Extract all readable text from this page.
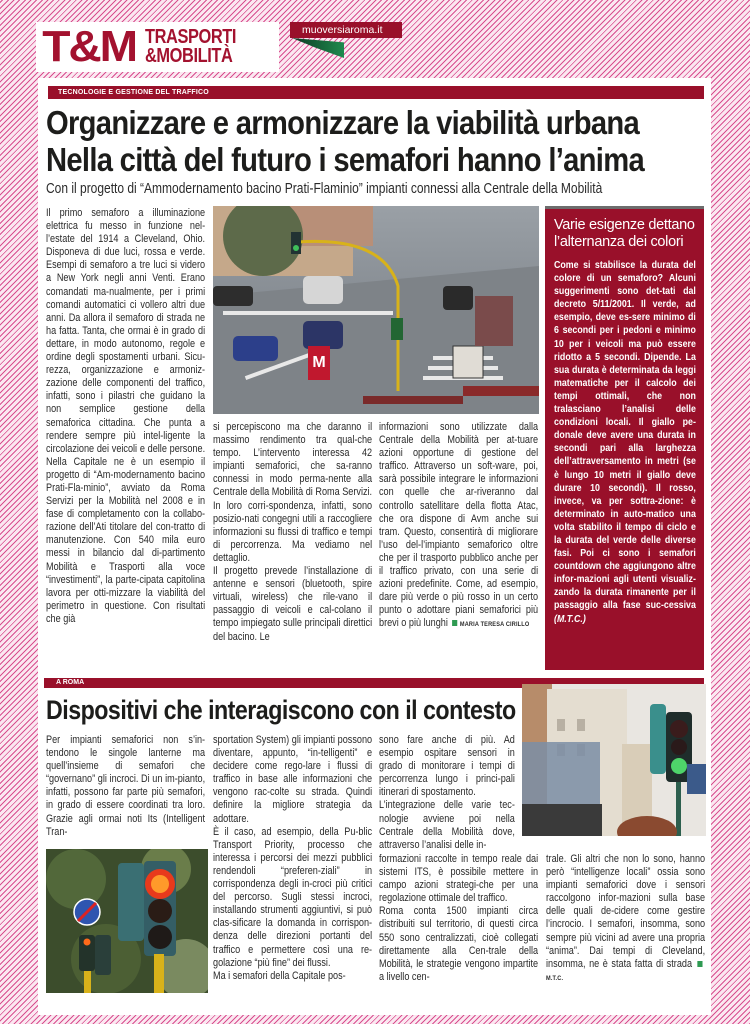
T&M TRASPORTI
&MOBILITÀ
muoversiaroma.it
TECNOLOGIE E GESTIONE DEL TRAFFICO
Organizzare e armonizzare la viabilità urbana
Nella città del futuro i semafori hanno l’anima
Con il progetto di “Ammodernamento bacino Prati-Flaminio” impianti connessi alla Centrale della Mobilità

Il primo semaforo a illuminazione elettrica fu messo in funzione nel-l’estate del 1914 a Cleveland, Ohio. Disponeva di due luci, rossa e verde. Esempi di semaforo a tre luci si videro a New York negli anni Venti. Erano comandati ma-nualmente, per i primi comandi automatici ci vollero altri due anni. Da allora il semaforo di strada ne ha fatta. Tanta, che ormai è in grado di dettare, in modo autonomo, regole e ordine degli spostamenti urbani. Sicu-rezza, organizzazione e armoniz-zazione delle componenti del traffico, infatti, sono i pilastri che guidano la non semplice gestione della semaforica cittadina. Che punta a rendere sempre più intel-ligente la circolazione dei veicoli e delle persone. Nella Capitale ne è un esempio il progetto di “Am-modernamento bacino Prati-Fla-minio”, avviato da Roma Servizi per la Mobilità nel 2008 e in fase di completamento con la collabo-razione dell’Ati titolare del con-tratto di manutenzione. Con 540 mila euro messi in bilancio dal di-partimento Mobilità e Trasporti alla voce “investimenti”, la parte-cipata capitolina lavora per otti-mizzare la viabilità del perimetro in questione. Con risultati che già

M

si percepiscono ma che daranno il massimo rendimento tra qual-che tempo. L’intervento interessa 42 impianti semaforici, che sa-ranno connessi in modo perma-nente alla Centrale della Mobilità di Roma Servizi. In loro corri-spondenza, infatti, sono posizio-nati congegni utili a raccogliere informazioni su flussi di traffico e tempi di percorrenza. Ma vediamo nel dettaglio.

Il progetto prevede l’installazione di antenne e sensori (bluetooth, spire virtuali, wireless) che rile-vano il passaggio di veicoli e cal-colano il tempo impiegato sulle principali direttici del bacino. Le

informazioni sono utilizzate dalla Centrale della Mobilità per at-tuare azioni opportune di gestione del traffico. Attraverso un soft-ware, poi, sarà possibile integrare le informazioni con quelle che ar-riveranno dal controllo satellitare della flotta Atac, che ora dispone di Avm anche sui tram. Questo, consentirà di migliorare l’uso del-l’impianto semaforico oltre che per il trasporto pubblico anche per il traffico privato, con una serie di azioni predefinite. Come, ad esempio, dare più verde o più rosso in un certo punto o adottare piani semaforici più brevi o più lunghi MARIA TERESA CIRILLO
Varie esigenze dettano l’alternanza dei colori
Come si stabilisce la durata del colore di un semaforo? Alcuni suggerimenti sono det-tati dal decreto 5/11/2001. Il verde, ad esempio, deve es-sere minimo di 6 secondi per i pedoni e minimo 10 per i veicoli ma può essere ridotto a 5 secondi. Dipende. La sua durata è determinata da leggi matematiche per il calcolo dei tempi ottimali, che non tralasciano l’analisi delle condizioni locali. Il giallo pe-donale deve avere una durata in secondi pari alla larghezza dell’attraversamento in metri (se è lungo 10 metri il giallo deve durare 10 secondi). Il rosso, invece, va per sottra-zione: è determinato in auto-matico una volta stabilito il tempo di ciclo e la durata del verde delle diverse fasi. Poi ci sono i semafori countdown che aggiungono altre infor-mazioni agli utenti visualiz-zando la durata rimanente per il passaggio alla fase suc-cessiva (M.T.C.)
A ROMA
Dispositivi che interagiscono con il contesto

Per impianti semaforici non s’in-tendono le singole lanterne ma quell’insieme di semafori che “governano” gli incroci. Di un im-pianto, infatti, possono far parte più semafori, in grado di essere coordinati tra loro. Grazie agli ormai noti Its (Intelligent Tran-

sportation System) gli impianti possono diventare, appunto, “in-telligenti” e decidere come rego-lare i flussi di traffico in base alle informazioni che vengono rac-colte su strada. Quindi definire la migliore strategia da adottare.

È il caso, ad esempio, della Pu-blic Transport Priority, processo che interessa i percorsi dei mezzi pubblici rendendoli “preferen-ziali” in corrispondenza degli in-croci più critici del percorso. Sugli stessi incroci, installando strumenti aggiuntivi, si può clas-sificare la domanda in corrispon-denza delle direzioni portanti del traffico e permettere così una re-golazione “più fine” dei flussi.

Ma i semafori della Capitale pos-

sono fare anche di più. Ad esempio ospitare sensori in grado di monitorare i tempi di percorrenza lungo i princi-pali itinerari di spostamento.

L’integrazione delle varie tec-nologie avviene poi nella Centrale della Mobilità dove, attraverso l’analisi delle in-

formazioni raccolte in tempo reale dai sistemi ITS, è possibile mettere in campo azioni strategi-che per una regolazione ottimale del traffico.

Roma conta 1500 impianti circa distribuiti sul territorio, di questi circa 550 sono centralizzati, cioè collegati direttamente alla Cen-trale della Mobilità, le strategie vengono impartite a livello cen-

trale. Gli altri che non lo sono, hanno però “intelligenze locali” ossia sono impianti semaforici dove i sensori raccolgono infor-mazioni sulla base delle quali de-cidere come gestire l’incrocio. I semafori, insomma, sono sempre più vicini ad avere una propria “anima”. Dai tempi di Cleveland, insomma, ne è stata fatta di strada M.T.C.
